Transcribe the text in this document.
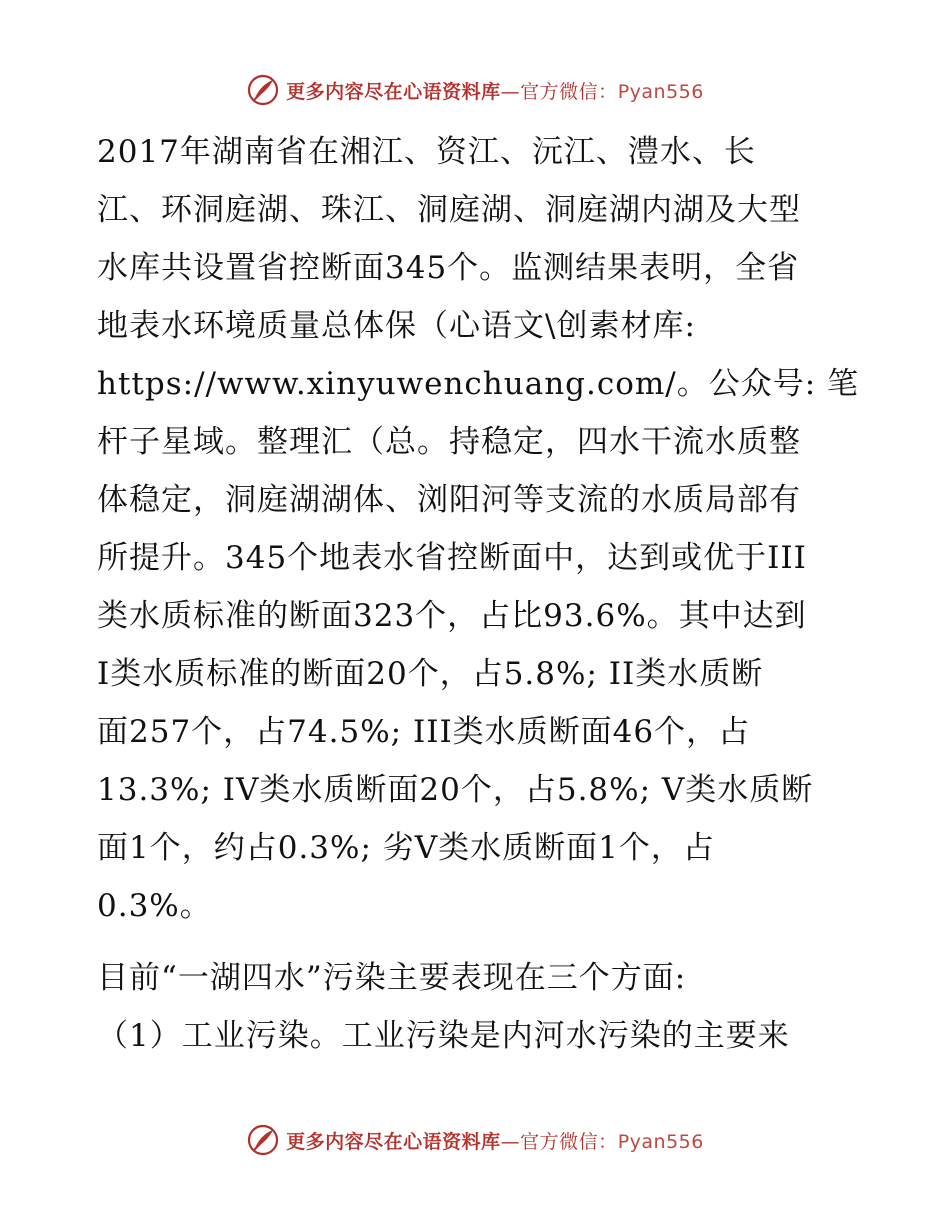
更多内容尽在心语资料库—官方微信：Pyan556
2017年湖南省在湘江、资江、沅江、澧水、长
江、环洞庭湖、珠江、洞庭湖、洞庭湖内湖及大型
水库共设置省控断面345个。监测结果表明，全省
地表水环境质量总体保（心语文\创素材库:
https://www.xinyuwenchuang.com/。公众号: 笔
杆子星域。整理汇（总。持稳定，四水干流水质整
体稳定，洞庭湖湖体、浏阳河等支流的水质局部有
所提升。345个地表水省控断面中，达到或优于III
类水质标准的断面323个，占比93.6%。其中达到
I类水质标准的断面20个，占5.8%; II类水质断
面257个，占74.5%; III类水质断面46个，占
13.3%; IV类水质断面20个，占5.8%; V类水质断
面1个，约占0.3%; 劣V类水质断面1个，占
0.3%。
目前“一湖四水”污染主要表现在三个方面:
（1）工业污染。工业污染是内河水污染的主要来
更多内容尽在心语资料库—官方微信：Pyan556
